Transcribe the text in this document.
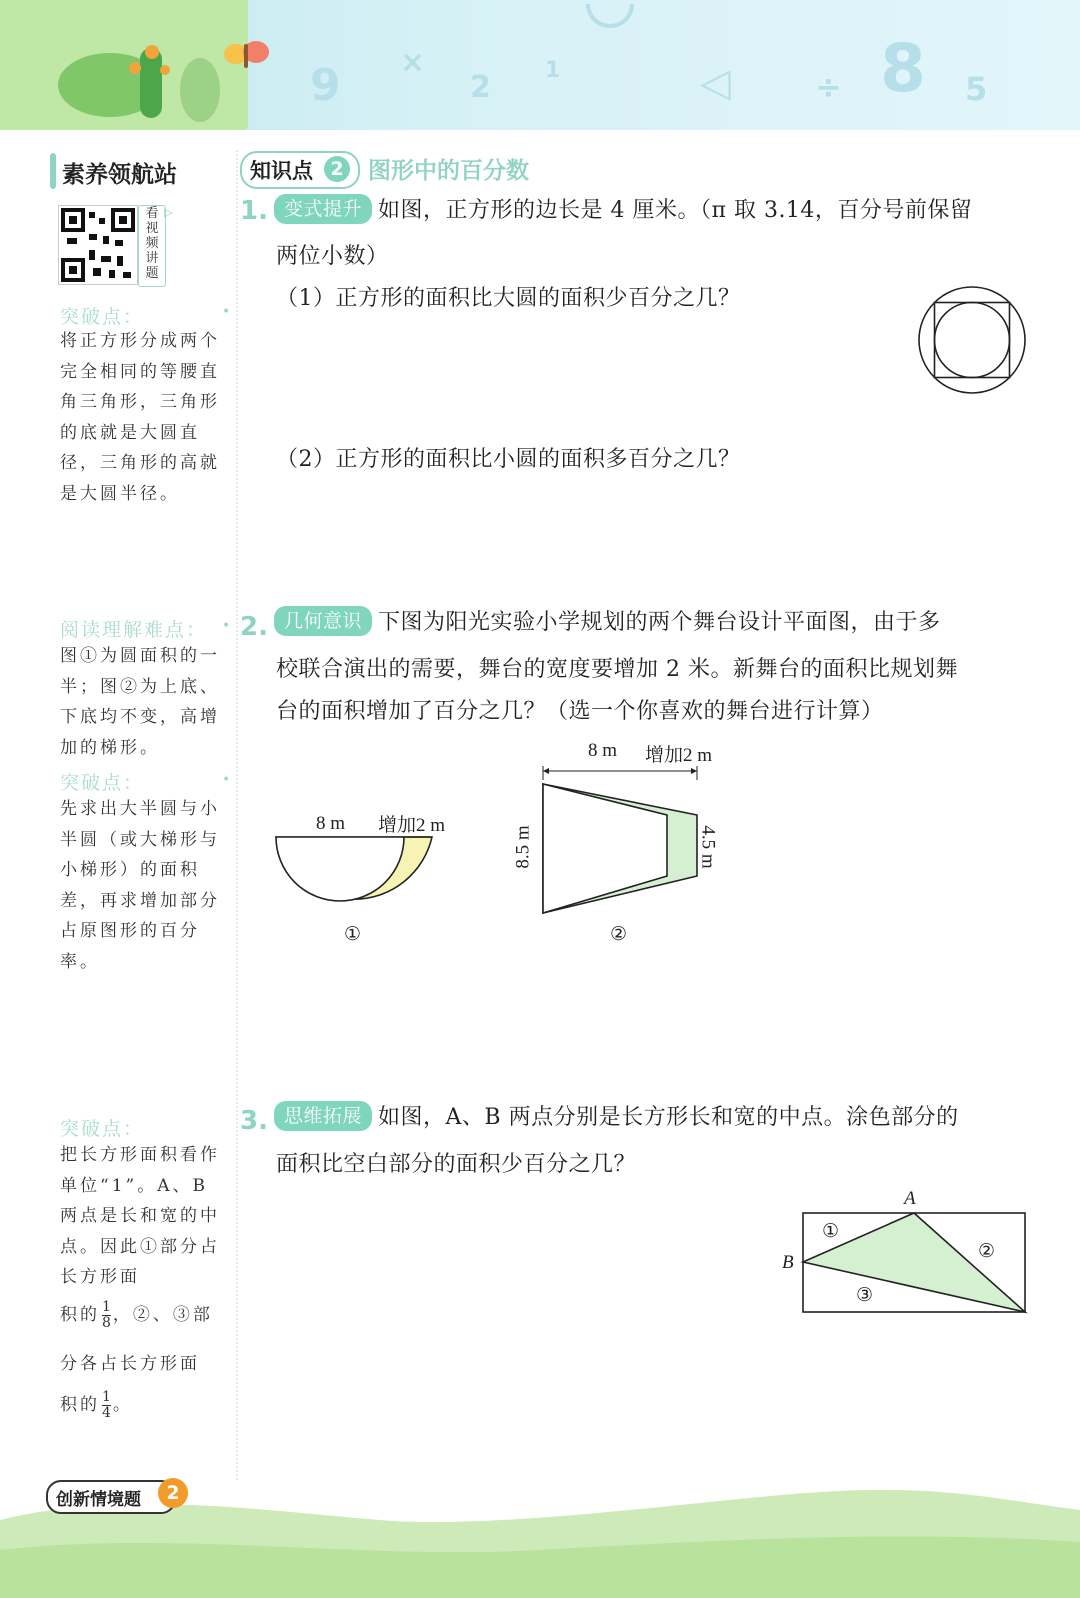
9 ×
2 1	◁	÷ 8 5
素养领航站	知识点 2 图形中的百分数
看
视
频
讲
题
▷
突破点：	•
将正方形分成两个完全相同的等腰直角三角形，三角形的底就是大圆直径，三角形的高就是大圆半径。
阅读理解难点： •
图①为圆面积的一半；图②为上底、下底均不变，高增加的梯形。
突破点：	•
先求出大半圆与小半圆（或大梯形与小梯形）的面积差，再求增加部分占原图形的百分率。
突破点：
把长方形面积看作单位“1”。A、B两点是长和宽的中点。因此①部分占长方形面
积的 $\frac{1}{8}$ ，②、③部
分各占长方形面
积的 $\frac{1}{4}$ 。
1. 变式提升 如图，正方形的边长是 4 厘米。（π 取 3.14，百分号前保留
两位小数）
（1）正方形的面积比大圆的面积少百分之几？
（2）正方形的面积比小圆的面积多百分之几？
2. 几何意识 下图为阳光实验小学规划的两个舞台设计平面图，由于多
校联合演出的需要，舞台的宽度要增加 2 米。新舞台的面积比规划舞
台的面积增加了百分之几？（选一个你喜欢的舞台进行计算）
8 m 增加2 m
①
8 m 增加2 m
8.5 m	4.5 m
②
3. 思维拓展 如图，A、B 两点分别是长方形长和宽的中点。涂色部分的
面积比空白部分的面积少百分之几？
A
B
①
②
③
创新情境题	2
